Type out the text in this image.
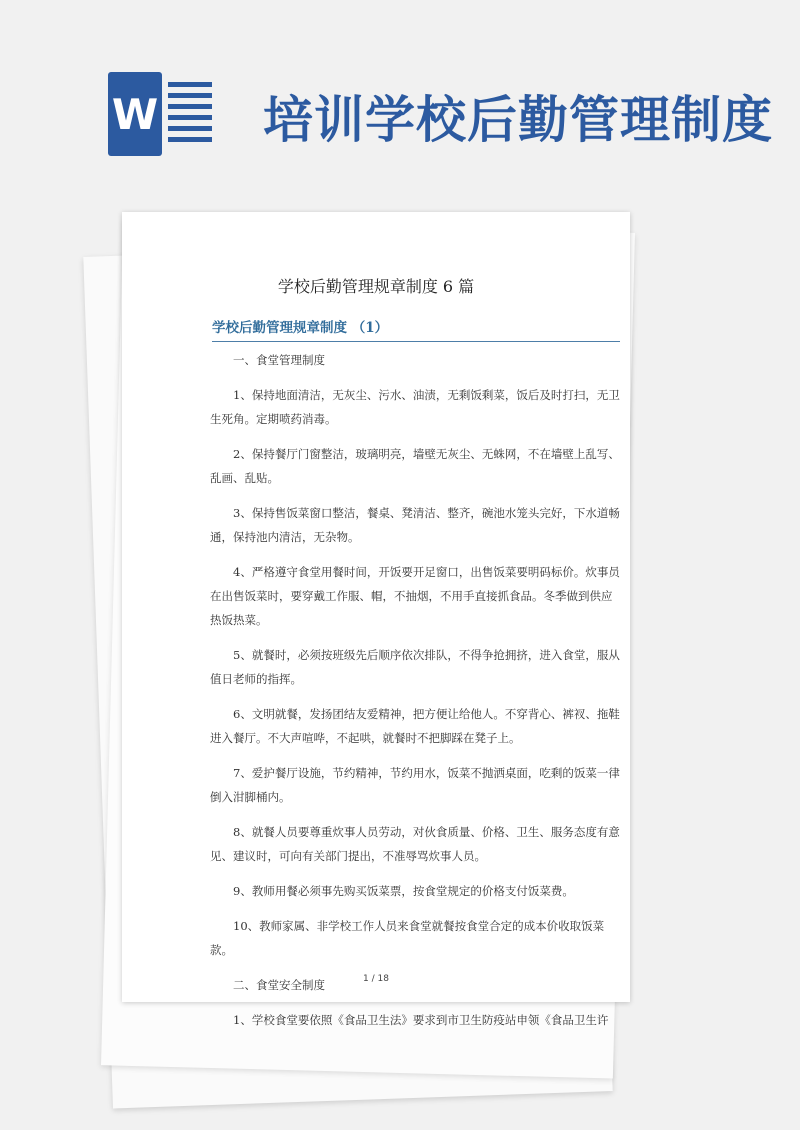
W 培训学校后勤管理制度
学校后勤管理规章制度 6 篇
学校后勤管理规章制度 （1）

一、食堂管理制度

1、保持地面清洁，无灰尘、污水、油渍，无剩饭剩菜，饭后及时打扫，无卫生死角。定期喷药消毒。

2、保持餐厅门窗整洁，玻璃明亮，墙壁无灰尘、无蛛网，不在墙壁上乱写、乱画、乱贴。

3、保持售饭菜窗口整洁，餐桌、凳清洁、整齐，碗池水笼头完好，下水道畅通，保持池内清洁，无杂物。

4、严格遵守食堂用餐时间，开饭要开足窗口，出售饭菜要明码标价。炊事员在出售饭菜时，要穿戴工作服、帽，不抽烟，不用手直接抓食品。冬季做到供应热饭热菜。

5、就餐时，必须按班级先后顺序依次排队，不得争抢拥挤，进入食堂，服从值日老师的指挥。

6、文明就餐，发扬团结友爱精神，把方便让给他人。不穿背心、裤衩、拖鞋进入餐厅。不大声喧哗，不起哄，就餐时不把脚踩在凳子上。

7、爱护餐厅设施，节约精神，节约用水，饭菜不抛洒桌面，吃剩的饭菜一律倒入泔脚桶内。

8、就餐人员要尊重炊事人员劳动，对伙食质量、价格、卫生、服务态度有意见、建议时，可向有关部门提出，不准辱骂炊事人员。

9、教师用餐必须事先购买饭菜票，按食堂规定的价格支付饭菜费。

10、教师家属、非学校工作人员来食堂就餐按食堂合定的成本价收取饭菜款。

二、食堂安全制度

1、学校食堂要依照《食品卫生法》要求到市卫生防疫站申领《食品卫生许

1 / 18
